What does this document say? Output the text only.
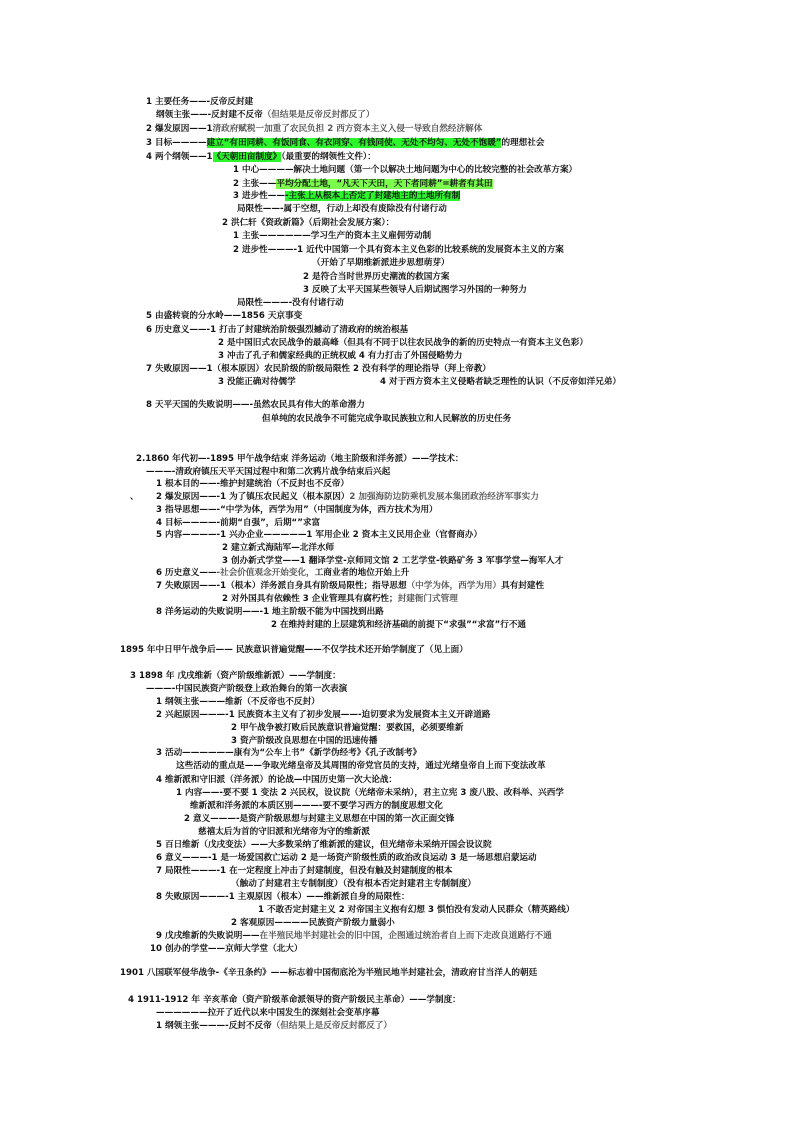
1 主要任务——-反帝反封建
纲领主张——-反封建不反帝（但结果是反帝反封都反了）
2 爆发原因——1清政府赋税一加重了农民负担 2 西方资本主义入侵一导致自然经济解体
3 目标————建立“有田同耕、有饭同食、有衣同穿、有钱同使、无处不均匀、无处不饱暖”的理想社会
4 两个纲领——1《天朝田亩制度》（最重要的纲领性文件）：
1 中心————解决土地问题（第一个以解决土地问题为中心的比较完整的社会改革方案）
2 主张——平均分配土地，“凡天下天田，天下者同耕”=耕者有其田
3 进步性——-主张上从根本上否定了封建地主的土地所有制
局限性——-属于空想，行动上却没有废除没有付诸行动
2 洪仁轩《资政新篇》（后期社会发展方案）：
1 主张——————学习生产的资本主义雇佣劳动制
2 进步性———-1 近代中国第一个具有资本主义色彩的比较系统的发展资本主义的方案
（开始了早期维新派进步思想萌芽）
2 是符合当时世界历史潮流的救国方案
3 反映了太平天国某些领导人后期试图学习外国的一种努力
局限性———-没有付诸行动
5 由盛转衰的分水岭——1856 天京事变
6 历史意义——-1 打击了封建统治阶级强烈撼动了清政府的统治根基
2 是中国旧式农民战争的最高峰（但具有不同于以往农民战争的新的历史特点一有资本主义色彩）
3 冲击了孔子和儒家经典的正统权威 4 有力打击了外国侵略势力
7 失败原因——1（根本原因）农民阶级的阶级局限性 2 没有科学的理论指导（拜上帝教）
3 没能正确对待儒学	4 对于西方资本主义侵略者缺乏理性的认识（不反帝如洋兄弟）
8 天平天国的失败说明——-虽然农民具有伟大的革命潜力
但单纯的农民战争不可能完成争取民族独立和人民解放的历史任务
2.1860 年代初—-1895 甲午战争结束 洋务运动（地主阶级和洋务派）——学技术：
———-清政府镇压天平天国过程中和第二次鸦片战争结束后兴起
1 根本目的——-维护封建统治（不反封也不反帝）
、 2 爆发原因——-1 为了镇压农民起义（根本原因）2 加强海防边防乘机发展本集团政治经济军事实力
3 指导思想——-“中学为体，西学为用”（中国制度为体，西方技术为用）
4 目标————-前期“自强”，后期“”求富
5 内容————-1 兴办企业—————1 军用企业 2 资本主义民用企业（官督商办）
2 建立新式海陆军—北洋水师
3 创办新式学堂——1 翻译学堂-京师同文馆 2 工艺学堂-铁路矿务 3 军事学堂—海军人才
6 历史意义——-社会价值观念开始变化，工商业者的地位开始上升
7 失败原因——-1（根本）洋务派自身具有阶级局限性；指导思想（中学为体，西学为用）具有封建性
2 对外国具有依赖性 3 企业管理具有腐朽性；封建衙门式管理
8 洋务运动的失败说明——-1 地主阶级不能为中国找到出路
2 在维持封建的上层建筑和经济基础的前提下“求强”“求富”行不通
1895 年中日甲午战争后—— 民族意识普遍觉醒——不仅学技术还开始学制度了（见上面）
3 1898 年 戊戌维新（资产阶级维新派）——学制度：
———-中国民族资产阶级登上政治舞台的第一次表演
1 纲领主张———维新（不反帝也不反封）
2 兴起原因———-1 民族资本主义有了初步发展——-迫切要求为发展资本主义开辟道路
2 甲午战争被打败后民族意识普遍觉醒：要救国，必须要维新
3 资产阶级改良思想在中国的迅速传播
3 活动——————康有为“公车上书”《新学伪经考》《孔子改制考》
这些活动的重点是——争取光绪皇帝及其周围的帝党官员的支持，通过光绪皇帝自上而下变法改革
4 维新派和守旧派（洋务派）的论战—中国历史第一次大论战：
1 内容——-要不要 1 变法 2 兴民权，设议院（光绪帝未采纳），君主立宪 3 废八股、改科举、兴西学
维新派和洋务派的本质区别———-要不要学习西方的制度思想文化
2 意义———-是资产阶级思想与封建主义思想在中国的第一次正面交锋
慈禧太后为首的守旧派和光绪帝为守的维新派
5 百日维新（戊戌变法）——大多数采纳了维新派的建议，但光绪帝未采纳开国会设议院
6 意义———-1 是一场爱国救亡运动 2 是一场资产阶级性质的政治改良运动 3 是一场思想启蒙运动
7 局限性———-1 在一定程度上冲击了封建制度，但没有触及封建制度的根本
（触动了封建君主专制制度）（没有根本否定封建君主专制制度）
8 失败原因———-1 主观原因（根本）——维新派自身的局限性：
1 不敢否定封建主义 2 对帝国主义抱有幻想 3 惧怕没有发动人民群众（精英路线）
2 客观原因————民族资产阶级力量弱小
9 戊戌维新的失败说明——在半殖民地半封建社会的旧中国，企图通过统治者自上而下走改良道路行不通
10 创办的学堂——京师大学堂（北大）
1901 八国联军侵华战争-《辛丑条约》——标志着中国彻底沦为半殖民地半封建社会，清政府甘当洋人的朝廷
4 1911-1912 年 辛亥革命（资产阶级革命派领导的资产阶级民主革命）——学制度：
——————拉开了近代以来中国发生的深刻社会变革序幕
1 纲领主张———-反封不反帝（但结果上是反帝反封都反了）
